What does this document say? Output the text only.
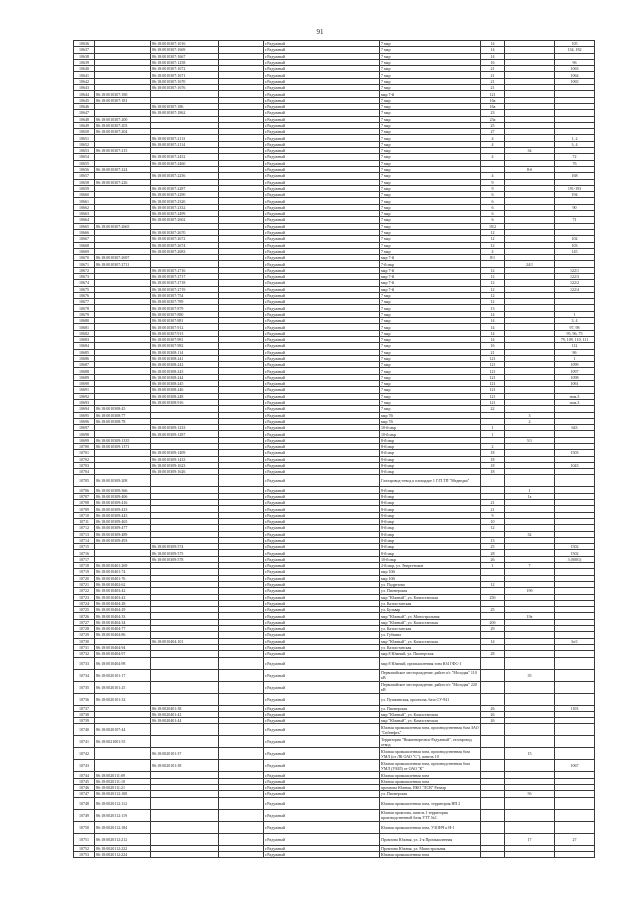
91
10636		86:18:0010307:1016		г.Радужный	7 мкр	14		105
10637		86:18:0010307:1669		г.Радужный	7 мкр	14		134, 182
10638		86:18:0010307:1667		г.Радужный	7 мкр	14		
10639		86:18:0010307:1258		г.Радужный	7 мкр	16		96
10640		86:18:0010307:1672		г.Радужный	7 мкр	21		1063
10641		86:18:0010307:1671		г.Радужный	7 мкр	21		1064
10642		86:18:0010307:1670		г.Радужный	7 мкр	21		1065
10643		86:18:0010307:1676		г.Радужный	7 мкр	21		
10644	86:18:0010307:180			г.Радужный	мкр 7-й	121		
10645	86:18:0010307:181			г.Радужный	7 мкр	16а		
10646		86:18:0010307:186		г.Радужный	7 мкр	16а		
10647		86:18:0010307:1862		г.Радужный	7 мкр	23		
10648	86:18:0010307:200			г.Радужный	7 мкр	23а		
10649	86:18:0010307:203			г.Радужный	7 мкр	25		
10650	86:18:0010307:204			г.Радужный	7 мкр	27		
10651		86:18:0010307:2113		г.Радужный	7 мкр	4		1, 2
10652		86:18:0010307:2114		г.Радужный	7 мкр	4		3, 4
10653	86:18:0010307:215			г.Радужный	7 мкр		34	
10654		86:18:0010307:2452		г.Радужный	7 мкр	4		72
10655		86:18:0010307:2460		г.Радужный	7 мкр			76
10656	86:18:0010307:224			г.Радужный	7 мкр		8-б	
10657		86:18:0010307:2256		г.Радужный	7 мкр	4		168
10658	86:18:0010307:226			г.Радужный	7 мкр	9		
10659		86:18:0010307:2287		г.Радужный	7 мкр	9		191-193
10660		86:18:0010307:2290		г.Радужный	7 мкр	6		194
10661		86:18:0010307:2320		г.Радужный	7 мкр	6		
10662		86:18:0010307:2332		г.Радужный	7 мкр	6		90
10663		86:18:0010307:2499		г.Радужный	7 мкр	6		
10664		86:18:0010307:2602		г.Радужный	7 мкр	6		71
10665	86:18:0010307:2665			г.Радужный	7 мкр	10/2		
10666		86:18:0010307:2670		г.Радужный	7 мкр	12		
10667		86:18:0010307:2672		г.Радужный	7 мкр	12		102
10668		86:18:0010307:2674		г.Радужный	7 мкр	12		103
10669		86:18:0010307:2683		г.Радужный	7 мкр	4		145
10670	86:18:0010307:2697			г.Радужный	мкр 7-й	8/1		
10671	86:18:0010307:2711			г.Радужный	7-й мкр		24/1	
10672		86:18:0010307:2716		г.Радужный	мкр 7-й	12		122/1
10673		86:18:0010307:2717		г.Радужный	мкр 7-й	12		122/3
10674		86:18:0010307:2718		г.Радужный	мкр 7-й	12		122/2
10675		86:18:0010307:2719		г.Радужный	мкр 7-й	12		122/4
10676		86:18:0010307:754		г.Радужный	7 мкр	12		
10677		86:18:0010307:789		г.Радужный	7 мкр	12		
10678		86:18:0010307:879		г.Радужный	7 мкр	13		
10679		86:18:0010307:880		г.Радужный	7 мкр	14		1
10680		86:18:0010307:881		г.Радужный	7 мкр	14		3, 4
10681		86:18:0010307:912		г.Радужный	7 мкр	14		97, 98
10682		86:18:0010307:913		г.Радужный	7 мкр	14		95, 96, 75
10683		86:18:0010307:981		г.Радужный	7 мкр	14		79, 109, 110, 111
10684		86:18:0010307:982		г.Радужный	7 мкр	16		112
10685		86:18:0010308:114		г.Радужный	7 мкр	21		86
10686		86:18:0010308:241		г.Радужный	7 мкр	121		1
10687		86:18:0010308:242		г.Радужный	7 мкр	121		1099
10688		86:18:0010308:243		г.Радужный	7 мкр	121		1097
10689		86:18:0010308:244		г.Радужный	7 мкр	121		1098
10690		86:18:0010308:245		г.Радужный	7 мкр	121		1061
10691		86:18:0010308:246		г.Радужный	7 мкр	121		
10692		86:18:0010308:248		г.Радужный	7 мкр	121		нож.3
10693		86:18:0010308:916		г.Радужный	7 мкр	121		нож.3
10694	86:18:0010308:45			г.Радужный	7 мкр	22		
10695	86:18:0010308:77			г.Радужный	мкр 7й		3	
10696	86:18:0010308:78			г.Радужный	мкр 7й		2	
10697		86:18:0010309:1233		г.Радужный	10-й мкр	1		643
10698		86:18:0010309:1287		г.Радужный	10-й мкр	1		
10699	86:18:0010309:1335			г.Радужный	8-й мкр		5/1	
10700	86:18:0010309:1371			г.Радужный	8-й мкр	2		
10701		86:18:0010309:1409		г.Радужный	8-й мкр	18		1503
10702		86:18:0010309:1433		г.Радужный	8-й мкр	18		
10703		86:18:0010309:1623		г.Радужный	8-й мкр	18		1043
10704		86:18:0010309:1626		г.Радужный	8-й мкр	18		
10705	86:18:0010309:208			г.Радужный	Газопровод-отвод к площадке 1 Г/П ТП "Медведка"			
10706	86:18:0010309:366			г.Радужный	8-й мкр		1	
10707	86:18:0010309:406			г.Радужный	8-й мкр		1а	
10708	86:18:0010309:416			г.Радужный	8-й мкр	21		
10709	86:18:0010309:433			г.Радужный	8-й мкр	21		
10710	86:18:0010309:443			г.Радужный	8-й мкр	9		
10711	86:18:0010309:465			г.Радужный	8-й мкр	10		
10712	86:18:0010309:477			г.Радужный	8-й мкр	12		
10713	86:18:0010309:489			г.Радужный	8-й мкр		32	
10714	86:18:0010309:493			г.Радужный	8-й мкр	13		
10715		86:18:0010309:574		г.Радужный	8-й мкр	25		1502
10716		86:18:0010309:575		г.Радужный	8-й мкр	28		1502
10717		86:18:0010309:578		г.Радужный	10-й мкр	26		3 (0001)
10718	86:18:0010401:269			г.Радужный	2-й мкр, ул. Энергетиков	1	7	
10719	86:18:0010401:74			г.Радужный	мкр 10й			
10720	86:18:0010401:76			г.Радужный	мкр 10й			
10721	86:18:0010402:62			г.Радужный	ул. Подрезова	12		
10722	86:18:0010403:42			г.Радужный	ул. Пионерская		19б	
10723	86:18:0010403:43			г.Радужный	мкр "Южный", ул. Казахстанская	25б		
10724	86:18:0010404:28			г.Радужный	ул. Казахстанская			
10725	86:18:0010404:29			г.Радужный	ул. Бульвар	25		
10726	86:18:0010404:33			г.Радужный	мкр "Южный", ул. Магистральная		19а	
10727	86:18:0010404:34			г.Радужный	мкр "Южный", ул. Казахстанская	20б		
10728	86:18:0010404:77			г.Радужный	ул. Казахстанская	29		
10729	86:18:0010404:86			г.Радужный	ул. Губкина			
10730		86:18:0010404:101		г.Радужный	мкр "Южный", ул. Казахстанская	14		3а/1
10731	86:18:0010404:94			г.Радужный	ул. Казахстанская			
10732	86:18:0010404:97			г.Радужный	мкр 8 Южный, ул. Пионерская	28		
10733	86:18:0010404:98			г.Радужный	мкр 8 Южный, промышленная зона Ю4 ГФС-1			
10734	86:18:0020101:17			г.Радужный	Первомайское месторождение, район п/с "Молодая" 110 кВ		35	
10735	86:18:0020101:25			г.Радужный	Первомайское месторождение, район п/с "Молодая" 220 кВ			
10736	86:18:0020101:32			г.Радужный	ул. Пушкинская, промзона, база СУ-941			
10737		86:18:0020401:38		г.Радужный	ул. Пионерская	26		1103
10738		86:18:0020401:42		г.Радужный	мкр "Южный", ул. Казахстанская	26		
10739		86:18:0020401:44		г.Радужный	мкр "Южный", ул. Казахстанская	26		
10740	86:18:0020107:44			г.Радужный	Южная промышленная зона, производственная база ЗАО "Сибнефть"			
10741	86:18:0021001:55			г.Радужный	Территория "Нижневартовск-Радужный", газопровод отвод			
10742		86:18:0020101:37		г.Радужный	Южная промышленная зона, производственная база УМЛ (от ЛК ОАО "С"), панель 10		15	
10743		86:18:0020101:38		г.Радужный	Южная промышленная зона, производственная база УМЛ (УМЛ) от ОАО "К"			1067
10744	86:18:0020111:09			г.Радужный	Южная промышленная зона			
10745	86:18:0020111:10			г.Радужный	Южная промышленная зона			
10746	86:18:0020111:21			г.Радужный	промзона Южная, ПКО "ЛСВ" Ратиар			
10747	86:18:0020112:100			г.Радужный	ул. Пионерская		5б	
10748	86:18:0020112:112			г.Радужный	Южная промышленная зона, территория НП 2			
10749	86:18:0020112:119			г.Радужный	Южная промзона, панель 1 территория производственной базы УТТ №1			
10750	86:18:0020112:184			г.Радужный	Южная промышленная зона, УЗОНЧ к Н-1			
10751	86:18:0020112:212			г.Радужный	Промзона Южная, ул. 2-я Промышленная		17	27
10752	86:18:0020112:222			г.Радужный	Промзона Южная, ул. Магистральная			
10753	86:18:0020112:224			г.Радужный	Южная промышленная зона			
